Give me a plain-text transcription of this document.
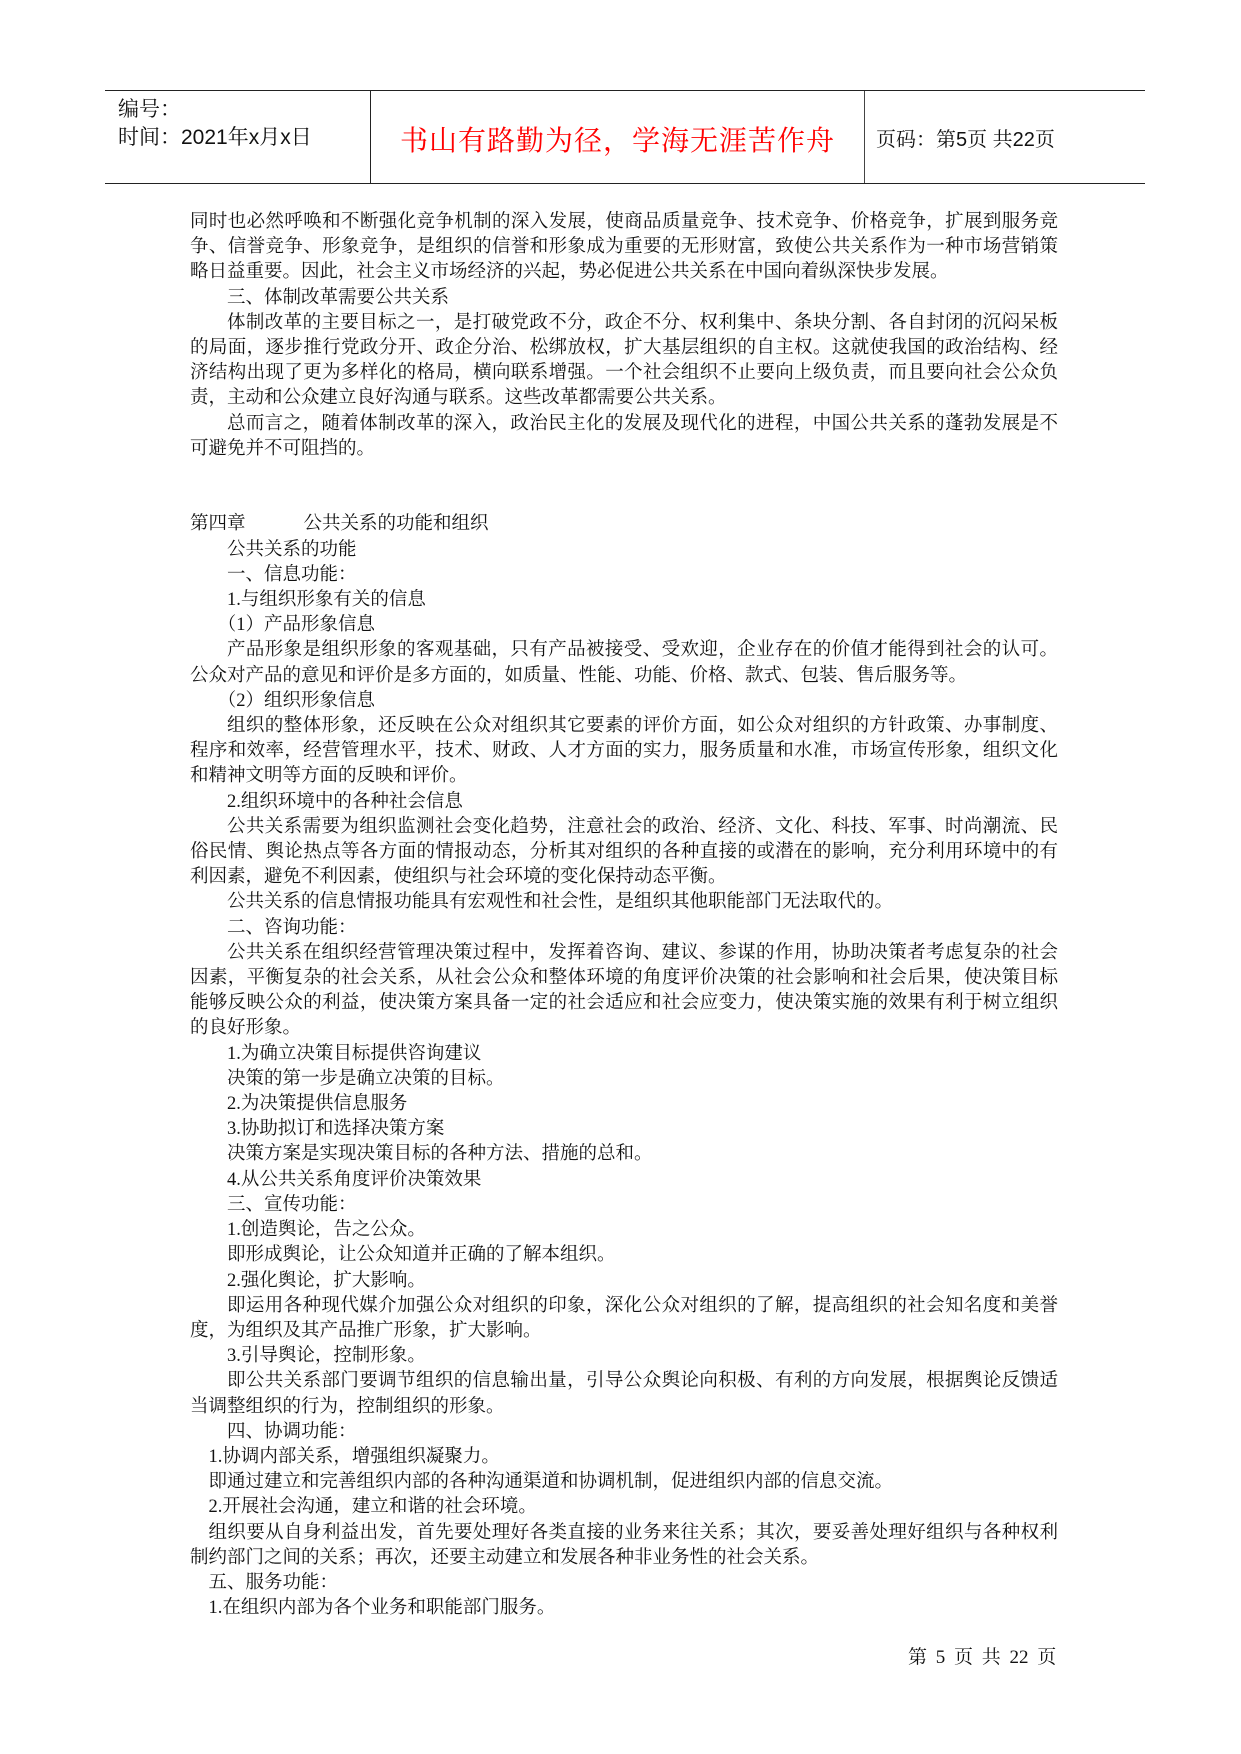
编号：
时间：2021年x月x日	书山有路勤为径，学海无涯苦作舟	页码：第5页 共22页

同时也必然呼唤和不断强化竞争机制的深入发展，使商品质量竞争、技术竞争、价格竞争，扩展到服务竞争、信誉竞争、形象竞争，是组织的信誉和形象成为重要的无形财富，致使公共关系作为一种市场营销策略日益重要。因此，社会主义市场经济的兴起，势必促进公共关系在中国向着纵深快步发展。

三、体制改革需要公共关系

体制改革的主要目标之一，是打破党政不分，政企不分、权利集中、条块分割、各自封闭的沉闷呆板的局面，逐步推行党政分开、政企分治、松绑放权，扩大基层组织的自主权。这就使我国的政治结构、经济结构出现了更为多样化的格局，横向联系增强。一个社会组织不止要向上级负责，而且要向社会公众负责，主动和公众建立良好沟通与联系。这些改革都需要公共关系。

总而言之，随着体制改革的深入，政治民主化的发展及现代化的进程，中国公共关系的蓬勃发展是不可避免并不可阻挡的。

第四章	公共关系的功能和组织

公共关系的功能

一、信息功能：

1.与组织形象有关的信息

（1）产品形象信息

产品形象是组织形象的客观基础，只有产品被接受、受欢迎，企业存在的价值才能得到社会的认可。公众对产品的意见和评价是多方面的，如质量、性能、功能、价格、款式、包装、售后服务等。

（2）组织形象信息

组织的整体形象，还反映在公众对组织其它要素的评价方面，如公众对组织的方针政策、办事制度、程序和效率，经营管理水平，技术、财政、人才方面的实力，服务质量和水准，市场宣传形象，组织文化和精神文明等方面的反映和评价。

2.组织环境中的各种社会信息

公共关系需要为组织监测社会变化趋势，注意社会的政治、经济、文化、科技、军事、时尚潮流、民俗民情、舆论热点等各方面的情报动态，分析其对组织的各种直接的或潜在的影响，充分利用环境中的有利因素，避免不利因素，使组织与社会环境的变化保持动态平衡。

公共关系的信息情报功能具有宏观性和社会性，是组织其他职能部门无法取代的。

二、咨询功能：

公共关系在组织经营管理决策过程中，发挥着咨询、建议、参谋的作用，协助决策者考虑复杂的社会因素，平衡复杂的社会关系，从社会公众和整体环境的角度评价决策的社会影响和社会后果，使决策目标能够反映公众的利益，使决策方案具备一定的社会适应和社会应变力，使决策实施的效果有利于树立组织的良好形象。

1.为确立决策目标提供咨询建议

决策的第一步是确立决策的目标。

2.为决策提供信息服务

3.协助拟订和选择决策方案

决策方案是实现决策目标的各种方法、措施的总和。

4.从公共关系角度评价决策效果

三、宣传功能：

1.创造舆论，告之公众。

即形成舆论，让公众知道并正确的了解本组织。

2.强化舆论，扩大影响。

即运用各种现代媒介加强公众对组织的印象，深化公众对组织的了解，提高组织的社会知名度和美誉度，为组织及其产品推广形象，扩大影响。

3.引导舆论，控制形象。

即公共关系部门要调节组织的信息输出量，引导公众舆论向积极、有利的方向发展，根据舆论反馈适当调整组织的行为，控制组织的形象。

四、协调功能：

1.协调内部关系，增强组织凝聚力。

即通过建立和完善组织内部的各种沟通渠道和协调机制，促进组织内部的信息交流。

2.开展社会沟通，建立和谐的社会环境。

组织要从自身利益出发，首先要处理好各类直接的业务来往关系；其次，要妥善处理好组织与各种权利制约部门之间的关系；再次，还要主动建立和发展各种非业务性的社会关系。

五、服务功能：

1.在组织内部为各个业务和职能部门服务。

第 5 页 共 22 页
